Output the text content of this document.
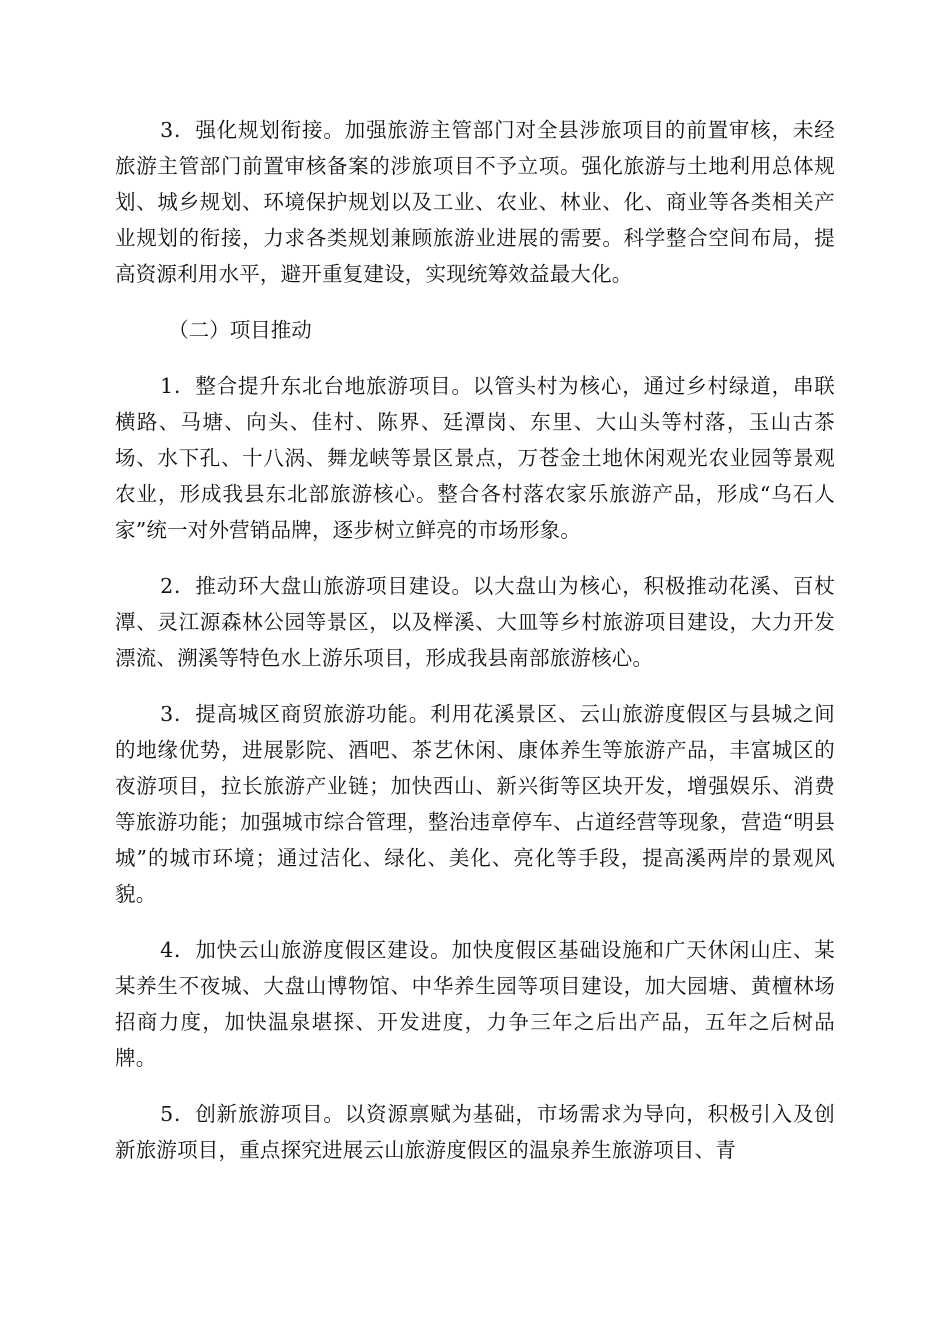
3．强化规划衔接。加强旅游主管部门对全县涉旅项目的前置审核，未经旅游主管部门前置审核备案的涉旅项目不予立项。强化旅游与土地利用总体规划、城乡规划、环境保护规划以及工业、农业、林业、化、商业等各类相关产业规划的衔接，力求各类规划兼顾旅游业进展的需要。科学整合空间布局，提高资源利用水平，避开重复建设，实现统筹效益最大化。

（二）项目推动

1．整合提升东北台地旅游项目。以管头村为核心，通过乡村绿道，串联横路、马塘、向头、佳村、陈界、廷潭岗、东里、大山头等村落，玉山古茶场、水下孔、十八涡、舞龙峡等景区景点，万苍金土地休闲观光农业园等景观农业，形成我县东北部旅游核心。整合各村落农家乐旅游产品，形成“乌石人家”统一对外营销品牌，逐步树立鲜亮的市场形象。

2．推动环大盘山旅游项目建设。以大盘山为核心，积极推动花溪、百杖潭、灵江源森林公园等景区，以及榉溪、大皿等乡村旅游项目建设，大力开发漂流、溯溪等特色水上游乐项目，形成我县南部旅游核心。

3．提高城区商贸旅游功能。利用花溪景区、云山旅游度假区与县城之间的地缘优势，进展影院、酒吧、茶艺休闲、康体养生等旅游产品，丰富城区的夜游项目，拉长旅游产业链；加快西山、新兴街等区块开发，增强娱乐、消费等旅游功能；加强城市综合管理，整治违章停车、占道经营等现象，营造“明县城”的城市环境；通过洁化、绿化、美化、亮化等手段，提高溪两岸的景观风貌。

4．加快云山旅游度假区建设。加快度假区基础设施和广天休闲山庄、某某养生不夜城、大盘山博物馆、中华养生园等项目建设，加大园塘、黄檀林场招商力度，加快温泉堪探、开发进度，力争三年之后出产品，五年之后树品牌。

5．创新旅游项目。以资源禀赋为基础，市场需求为导向，积极引入及创新旅游项目，重点探究进展云山旅游度假区的温泉养生旅游项目、青
